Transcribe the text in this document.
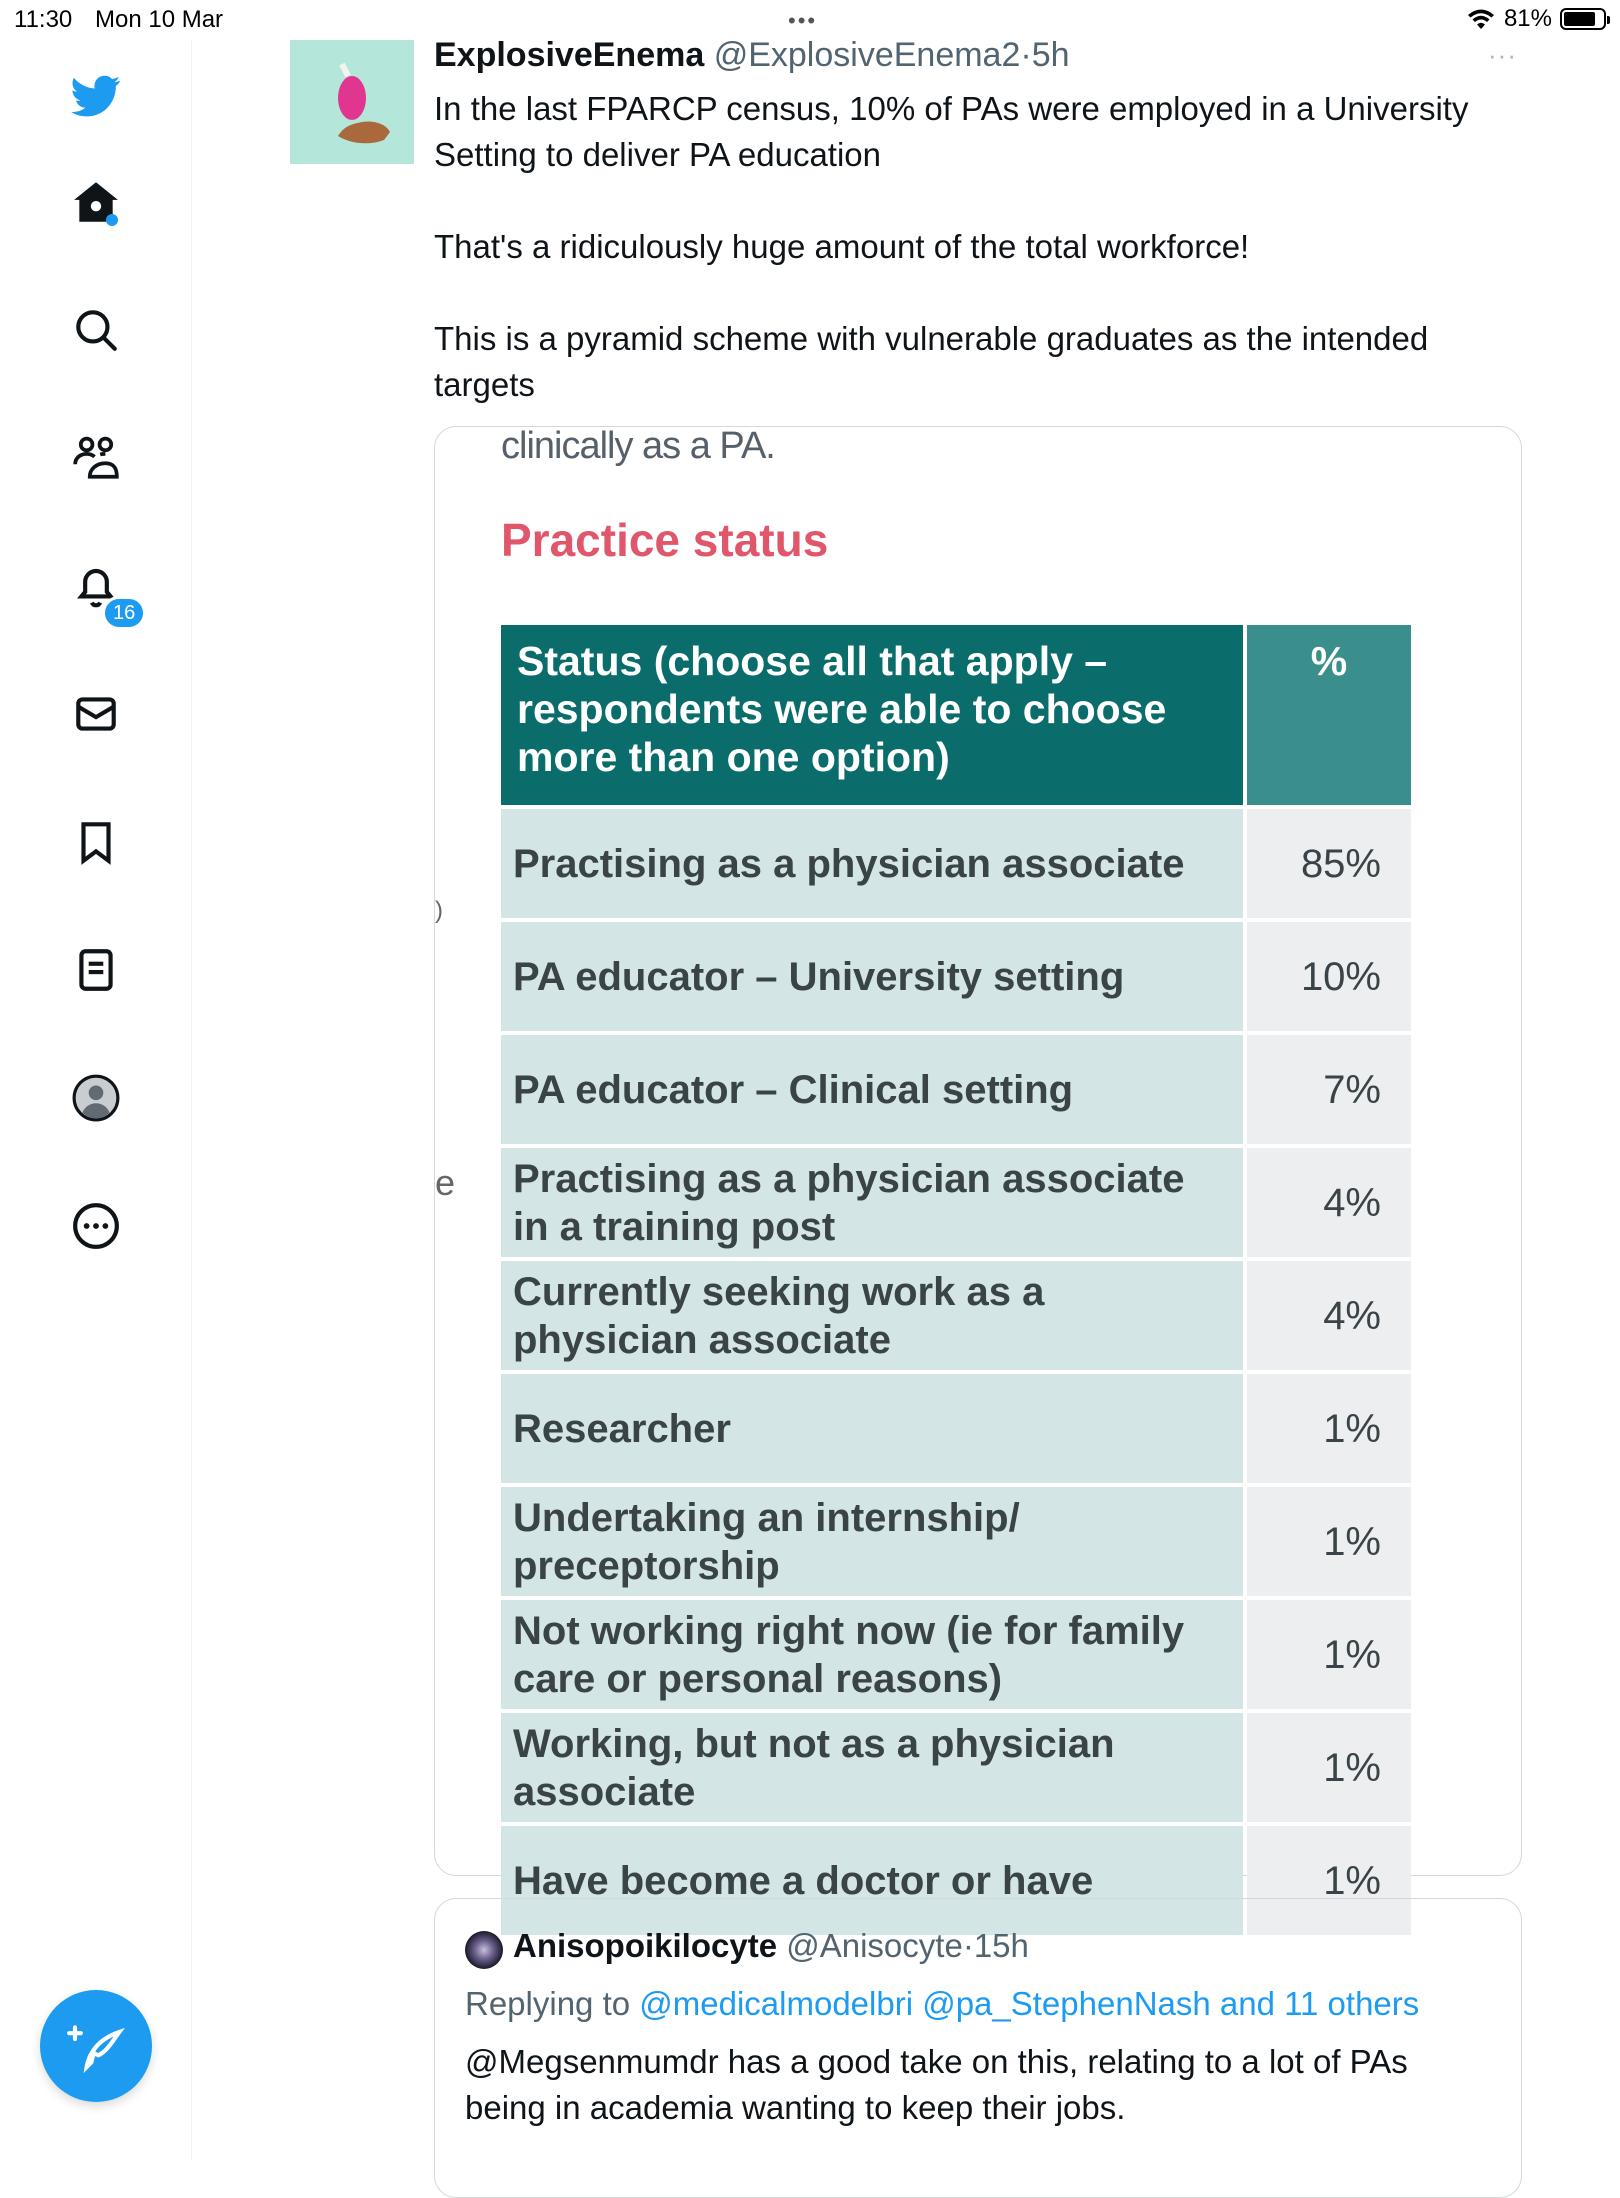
11:30 Mon 10 Mar	•••	81%
16
ExplosiveEnema @ExplosiveEnema2·5h	···

In the last FPARCP census, 10% of PAs were employed in a University Setting to deliver PA education

That's a ridiculously huge amount of the total workforce!

This is a pyramid scheme with vulnerable graduates as the intended targets

clinically as a PA.
Practice status
)
e
Status (choose all that apply – respondents were able to choose more than one option)	%
Practising as a physician associate	85%
PA educator – University setting	10%
PA educator – Clinical setting	7%
Practising as a physician associate in a training post	4%
Currently seeking work as a physician associate	4%
Researcher	1%
Undertaking an internship/ preceptorship	1%
Not working right now (ie for family care or personal reasons)	1%
Working, but not as a physician associate	1%
Have become a doctor or have	1%
Anisopoikilocyte @Anisocyte·15h
Replying to @medicalmodelbri @pa_StephenNash and 11 others
@Megsenmumdr has a good take on this, relating to a lot of PAs being in academia wanting to keep their jobs.
